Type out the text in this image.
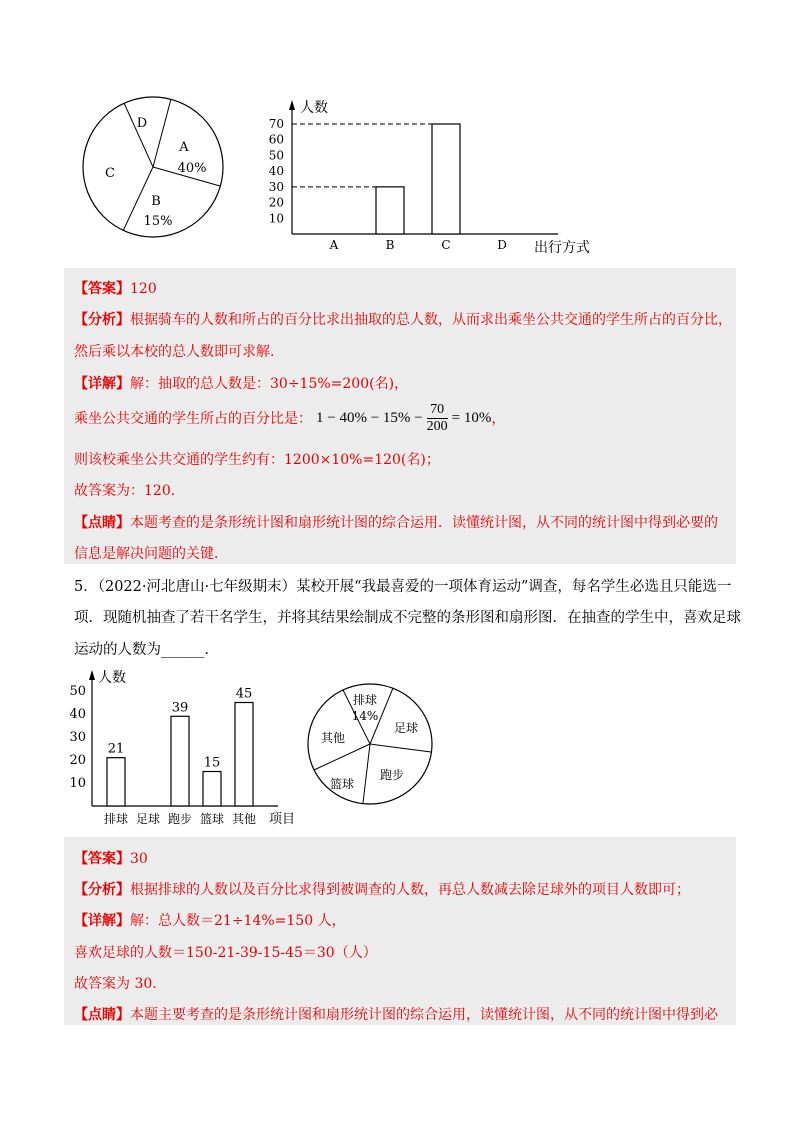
D
A
40%
C
B
15%
人数
出行方式
10
20
30
40
50
60
70
A	B	C	D
【答案】120
【分析】根据骑车的人数和所占的百分比求出抽取的总人数，从而求出乘坐公共交通的学生所占的百分比，
然后乘以本校的总人数即可求解．
【详解】解：抽取的总人数是：30÷15%=200(名)，
乘坐公共交通的学生所占的百分比是： $1 - 40\% - 15\% - \frac{70}{200} = 10\%$ ，
则该校乘坐公共交通的学生约有：1200×10%=120(名)；
故答案为：120.
【点睛】本题考查的是条形统计图和扇形统计图的综合运用．读懂统计图，从不同的统计图中得到必要的
信息是解决问题的关键．
5．（2022·河北唐山·七年级期末）某校开展“我最喜爱的一项体育运动”调查，每名学生必选且只能选一
项．现随机抽查了若干名学生，并将其结果绘制成不完整的条形图和扇形图．在抽查的学生中，喜欢足球
运动的人数为______．
人数
项目
10
20
30
40
50
排球 足球 跑步 篮球 其他
21
39
15
45	排球
14%
足球
其他
跑步
篮球
【答案】30
【分析】根据排球的人数以及百分比求得到被调查的人数，再总人数减去除足球外的项目人数即可；
【详解】解：总人数＝21÷14%=150 人，
喜欢足球的人数＝150-21-39-15-45＝30（人）
故答案为 30.
【点睛】本题主要考查的是条形统计图和扇形统计图的综合运用，读懂统计图，从不同的统计图中得到必
